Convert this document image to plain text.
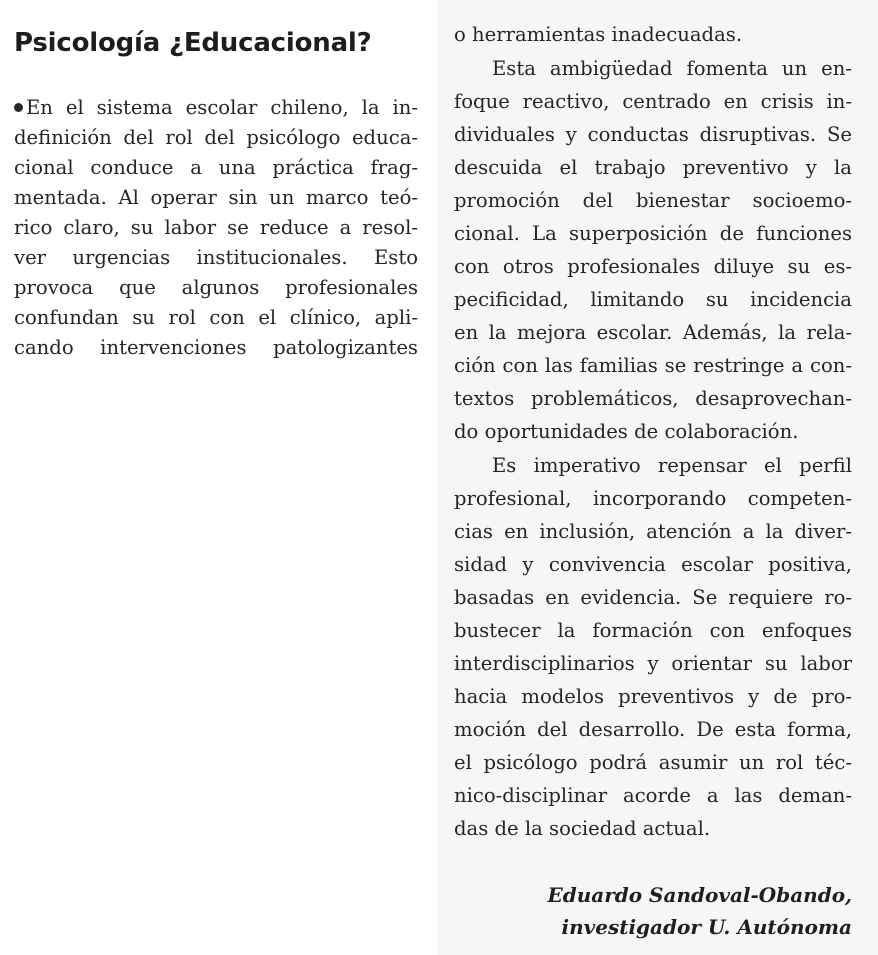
Psicología ¿Educacional?
En el sistema escolar chileno, la in-
definición del rol del psicólogo educa-
cional conduce a una práctica frag-
mentada. Al operar sin un marco teó-
rico claro, su labor se reduce a resol-
ver urgencias institucionales. Esto
provoca que algunos profesionales
confundan su rol con el clínico, apli-
cando intervenciones patologizantes
o herramientas inadecuadas.
Esta ambigüedad fomenta un en-
foque reactivo, centrado en crisis in-
dividuales y conductas disruptivas. Se
descuida el trabajo preventivo y la
promoción del bienestar socioemo-
cional. La superposición de funciones
con otros profesionales diluye su es-
pecificidad, limitando su incidencia
en la mejora escolar. Además, la rela-
ción con las familias se restringe a con-
textos problemáticos, desaprovechan-
do oportunidades de colaboración.
Es imperativo repensar el perfil
profesional, incorporando competen-
cias en inclusión, atención a la diver-
sidad y convivencia escolar positiva,
basadas en evidencia. Se requiere ro-
bustecer la formación con enfoques
interdisciplinarios y orientar su labor
hacia modelos preventivos y de pro-
moción del desarrollo. De esta forma,
el psicólogo podrá asumir un rol téc-
nico-disciplinar acorde a las deman-
das de la sociedad actual.
Eduardo Sandoval-Obando,
investigador U. Autónoma
